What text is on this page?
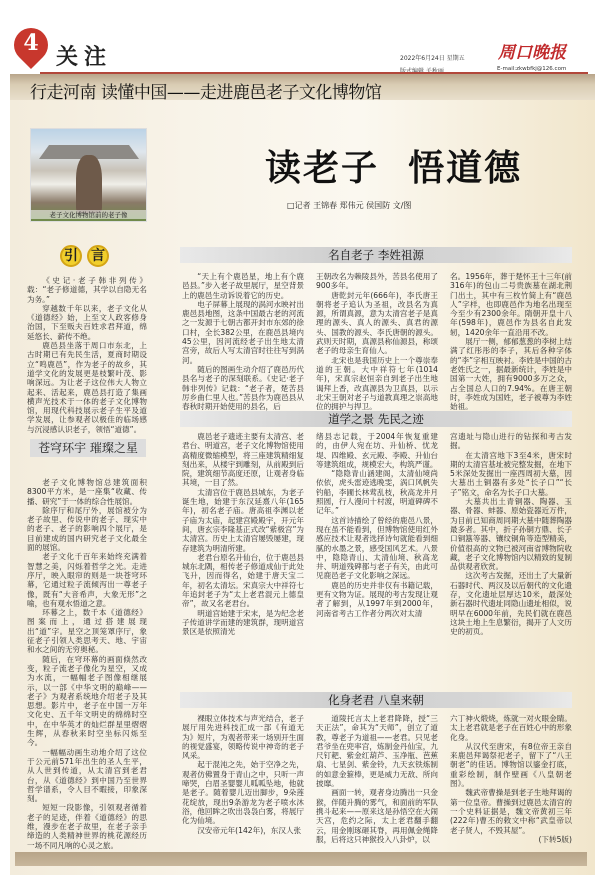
4
关注	2022年6月24日 星期五 周口晚报
E-mail:zkwbfkj@126.com
行走河南 读懂中国——走进鹿邑老子文化博物馆
老子文化博物馆前的老子像
读老子  悟道德
□记者 王锦春 郑伟元 侯国防 文/图
引 言

《史记·老子韩非列传》载：“老子修道德，其学以自隐无名为务。”

穿越数千年以来，老子文化从《道德经》始，上至文人政客修身治国，下至贩夫百姓求君拜道，绵延悠长、薪传不绝。

鹿邑县坐落于周口市东北，上古时期已有先民生活，夏商时期设立“鸣鹿邑”，作为老子的故乡，其道学文化的发展更是枝繁叶茂、影响深远。为让老子这位伟大人物立起来、活起来，鹿邑县打造了集画横声光技术于一体的老子文化博物馆，用现代科技展示老子生平及道学发展，让参观者以极佳的临场感与沉浸感认识老子，领悟“道德”。

苍穹环宇 璀璨之星

老子文化博物馆总建筑面积8300平方米，是一座集“收藏、传播、研究”于一体的综合性展馆。

除序厅和尾厅外，展馆被分为老子故里、传说中的老子、现实中的老子、老子的影响四个展厅，是目前建成的国内研究老子文化最全面的展馆。

老子文化千百年来始终充满着智慧之美，闪烁着哲学之光。走进序厅，映入眼帘的则是一块苍穹环幕，它通过粒子流倾泻出一尊老子像，既有“大音希声，大象无形”之喻，也有观水悟道之意。

环幕之上，数千本《道德经》图案而上，通过搭建展现出“道”字。星空之顶笼罩序厅，象征老子引领人类思考天、地、宇宙和水之间的无穷奥秘。

随后，在穹环幕的画面倏然改变，粒子流老子像化为星空，又成为水流，一幅幅老子图像相继展示，以一部《中华文明的巅峰——老子》为观者系统地介绍老子及其思想。影片中，老子在中国一万年文化史、五千年文明史的绵绵时空中，在中华英才的灿烂群星里熠熠生辉，从春秋来时空坐标闪烁至今。

一幅幅动画生动地介绍了这位于公元前571年出生的圣人生平，从人世到传道，从太清宫到老君台，从《道德经》到中国乃至世界哲学谱系，令人目不暇接，印象深刻。

短短一段影像，引领观者循着老子的足迹，伴着《道德经》的思维，漫步在老子故里，在老子亲手缔造的人类精神世界的桃花源经历一场不同凡响的心灵之旅。

名自老子 李姓祖源

“天上有个鹿邑星，地上有个鹿邑县。”步入老子故里展厅，星空背景上的鹿邑生动诉说着它的历史。

电子屏幕上展现的涡河水映衬出鹿邑县地图，这条中国最古老的河流之一发源于七朝古都开封市东郊的徐口村，全长382公里，在鹿邑县境内45公里，因河流经老子出生地太清宫旁，故后人写太清宫时往往写到涡河。

随后的图画生动介绍了鹿邑历代县名与老子的深刻联系。《史记·老子韩非列传》记载：“老子者，楚苦县厉乡曲仁里人也。”苦县作为鹿邑县从春秋时期开始使用的县名，后

王朝改名为赖陵县外，苦县名使用了900多年。

唐乾封元年(666年)，李氏唐王朝将老子追认为圣祖，改县名为真源，所谓真源，意为太清宫老子是真理的源头、真人的源头、真君的源头、国教的源头、李氏唐朝的源头。武则天时期，真源县称仙源县，称颂老子的母亲生育仙人。

北宋也是我国历史上一个尊崇奉道的王朝。大中祥符七年(1014年)，宋真宗赵恒亲自到老子出生地谒拜上香，改真源县为卫真县，以示北宋王朝对老子与道教真理之崇高地位的拥护与捍卫。

名。1956年，葬于楚怀王十三年(前316年)的包山二号贵族墓在湖北荆门出土，其中有三枚竹简上有“鹿邑人”字样，也即鹿邑作为地名出现至今至少有2300余年。隋朝开皇十八年(598年)，鹿邑作为县名自此发轫，1420余年一直沿用不改。

展厅一侧，郁郁葱葱的李树上结满了红彤彤的李子，其后各种字体的“李”字相互映衬。李姓是中国的古老姓氏之一，据最新统计，李姓是中国第一大姓，拥有9000多万之众，占全国总人口的7.94%。在唐王朝时，李姓成为国姓，老子被尊为李姓始祖。

道学之景 先民之迹

鹿邑老子遗迹主要有太清宫、老君台、明道宫，老子文化博物馆使用高精度微缩模型，将三座建筑精细复刻出来，从楼宇到雕刻，从前殿到后院，建筑细节高度还原，让观者身临其境，一目了然。

太清宫位于鹿邑县城东，为老子诞生地，始建于东汉延熹八年(165年)，初名老子庙。唐高祖李渊以老子庙为太庙，起建宫殿殿宇，开元年间，唐玄宗李隆基正式改“紫极宫”为太清宫。历史上太清宫屡毁屡建，现存建筑为明清所建。

老君台原名升仙台，位于鹿邑县城东北隅，相传老子修道成仙于此处飞升，因而得名，始建于唐天宝二年，初名太清坛。宋真宗大中祥符七年追封老子为“太上老君混元上德皇帝”，故又名老君台。

明道宫始建于宋末，是为纪念老子传道讲学而建的建筑群，现明道宫景区是依照清光

绪县志记载，于2004年恢复重建的，由伊人宛在坊、升仙桥、忧龙堤、四维殿、玄元殿、李殿、升仙台等建筑组成，规模宏大，构筑严谨。

“隐隐青山涵建阁，太清仙境尚依依，虎头雷迹逃晚雯，涡口风帆失钓船，李圃长林莺乱枝，秋高龙井月照圆，行人漫问十村渡，明道碑碑不记年。”

这首诗描绘了曾经的鹿邑八景，现在虽不能看到，但博物馆使用红外感应技术让观者选择诗句就能看到细腻的水墨之景，感受国风艺术。八景中，隐隐青山、太清仙境、秋高龙井、明道残碑都与老子有关，由此可见鹿邑老子文化影响之深远。

鹿邑的历史并非仅有书籍记载，更有文物为证。展现的考古发现让观者了解到，从1997年到2000年，河南省考古工作者分两次对太清

宫遗址与隐山进行的钻探和考古发掘。

在太清宫地下3至4米，唐宋时期的太清宫基址被完整发掘，在地下5米深处发掘出一座西周初大墓，因大墓出土铜器有多处“长子口”“长子”铭文，命名为长子口大墓。

大墓共出土青铜器、陶器、玉器、骨器、蚌器、原始瓷器近万件，为目前已知商周同期大墓中随葬陶器最多者。其中，折子孙铜方鼎、长子口铜簋等器、镶纹铜角等造型精美，价值很高的文物已被河南省博物院收藏，老子文化博物馆内以精致的复制品供观者欣赏。

这次考古发掘，还出土了大量新石器时代、两汉及以后朝代的文化遗存，文化遗址层厚达10米，最深处新石器时代遗址同隐山遗址相似，说明早在6000年前，先民们就在鹿邑这块土地上生息繁衍，揭开了人文历史的初页。

化身老君 八皇来朝

裸眼立体技术与声光结合，老子展厅用先进科技汇成一部《有道无为》短片，为观者带来一场别开生面的视觉盛宴，领略传说中神奇的老子风采。

起于混沌之先，始于空净之先，观者仿佛置身于青山之中，只听一声啼哭，白眉圣婴婴儿呱呱坠地，他就是老子。随着婴儿迈出脚步，9朵莲花绽放，现出9条游龙为老子喷水沐浴，他回眸之吹出袅袅白雾，将展厅化为仙境。

汉安帝元年(142年)，东汉人张

道陵托言太上老君降降，授“三天正法”，命其为“天师”，创立了道教，尊老子为道祖——老君。只见老君爷坐在兜率宫，炼制金丹仙宝，九尺钉耙、紫金红葫芦、玉净瓶、芭蕉扇、七星剑、紫金铃，九天玄铁炼制的如意金箍棒，更是威力无敌、所向披靡。

画面一转，观者身边腾出一只金猴，伴随升腾的雾气，和面前的军队携斗起来——原来这是孙悟空在大闹天宫，危约之际，太上老君翻手翻云，用金刚琢砸其脊，再用佩金绳降服，后将这只神猴投入八卦炉，以

六丁神火煅烧，炼就一对火眼金睛。太上老君就是老子在百姓心中的形象化身。

从汉代至唐宋，有8位帝王亲自来鹿邑拜谒祭祀老子，留下了“八王朝老”的佳话。博物馆以鎏金打底，重彩绘制，制作壁画《八皇朝老图》。

魏武帝曹操是到老子生地拜谒的第一位皇帝。曹操到过鹿邑太清宫的一个史料证据是，魏文帝黄初三年(222年)曹丕的敕文中称“武皇帝以老子贤人，不毁其屋”。

(下转5版)
